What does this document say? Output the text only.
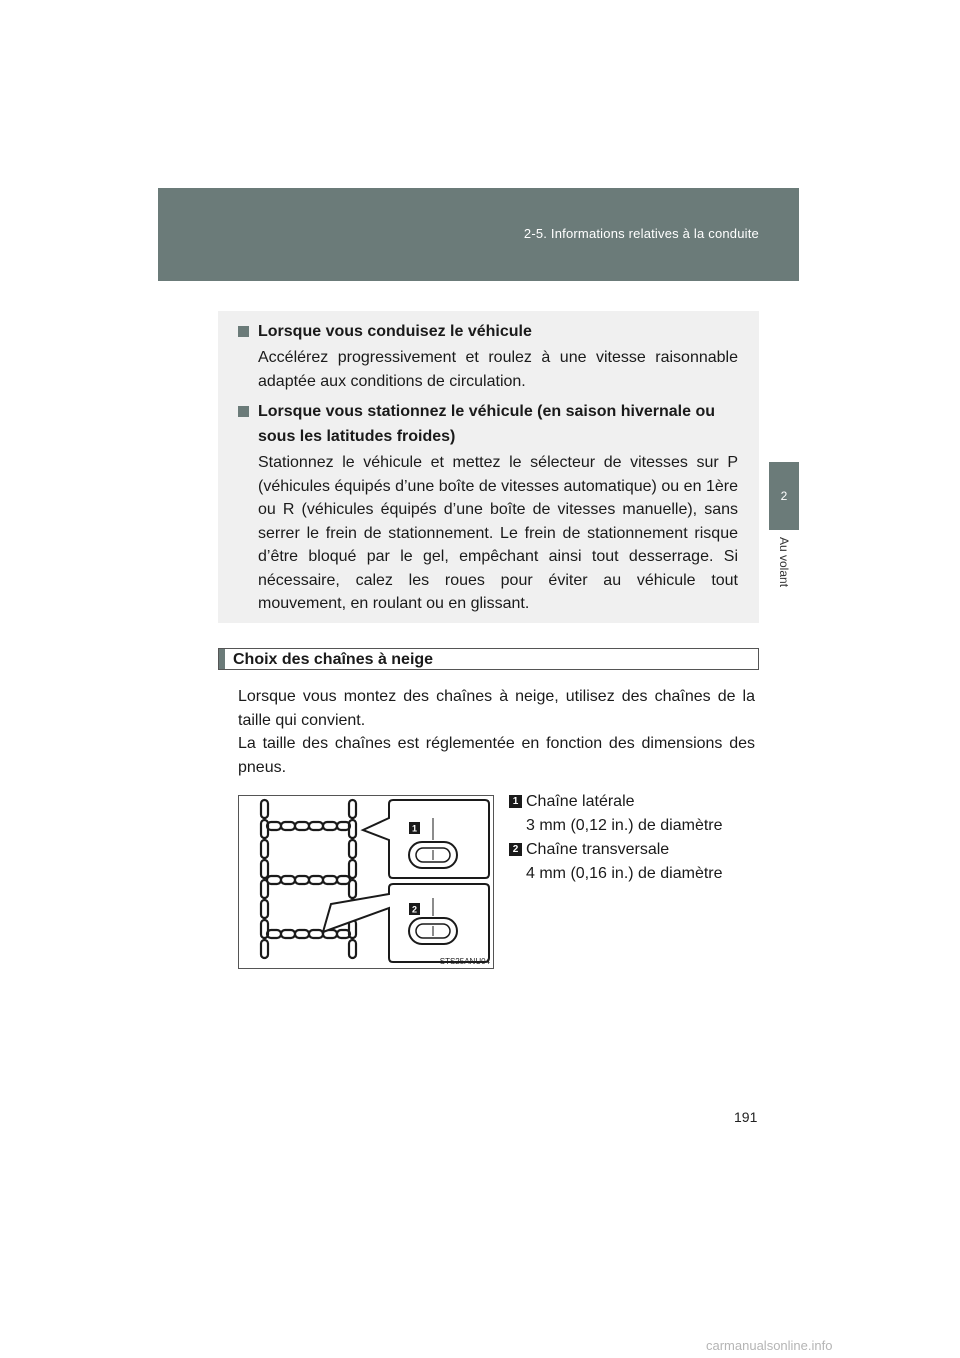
2-5. Informations relatives à la conduite
2
Au volant
Lorsque vous conduisez le véhicule
Accélérez progressivement et roulez à une vitesse raisonnable adaptée aux conditions de circulation.
Lorsque vous stationnez le véhicule (en saison hivernale ou sous les latitudes froides)
Stationnez le véhicule et mettez le sélecteur de vitesses sur P (véhicules équipés d’une boîte de vitesses automatique) ou en 1ère ou R (véhicules équipés d’une boîte de vitesses manuelle), sans serrer le frein de stationnement. Le frein de stationnement risque d’être bloqué par le gel, empêchant ainsi tout desserrage. Si nécessaire, calez les roues pour éviter au véhicule tout mouvement, en roulant ou en glissant.
Choix des chaînes à neige
Lorsque vous montez des chaînes à neige, utilisez des chaînes de la taille qui convient.
La taille des chaînes est réglementée en fonction des dimensions des pneus.
1
2
STS25ANU04
1 Chaîne latérale
3 mm (0,12 in.) de diamètre
2 Chaîne transversale
4 mm (0,16 in.) de diamètre
191
carmanualsonline.info
